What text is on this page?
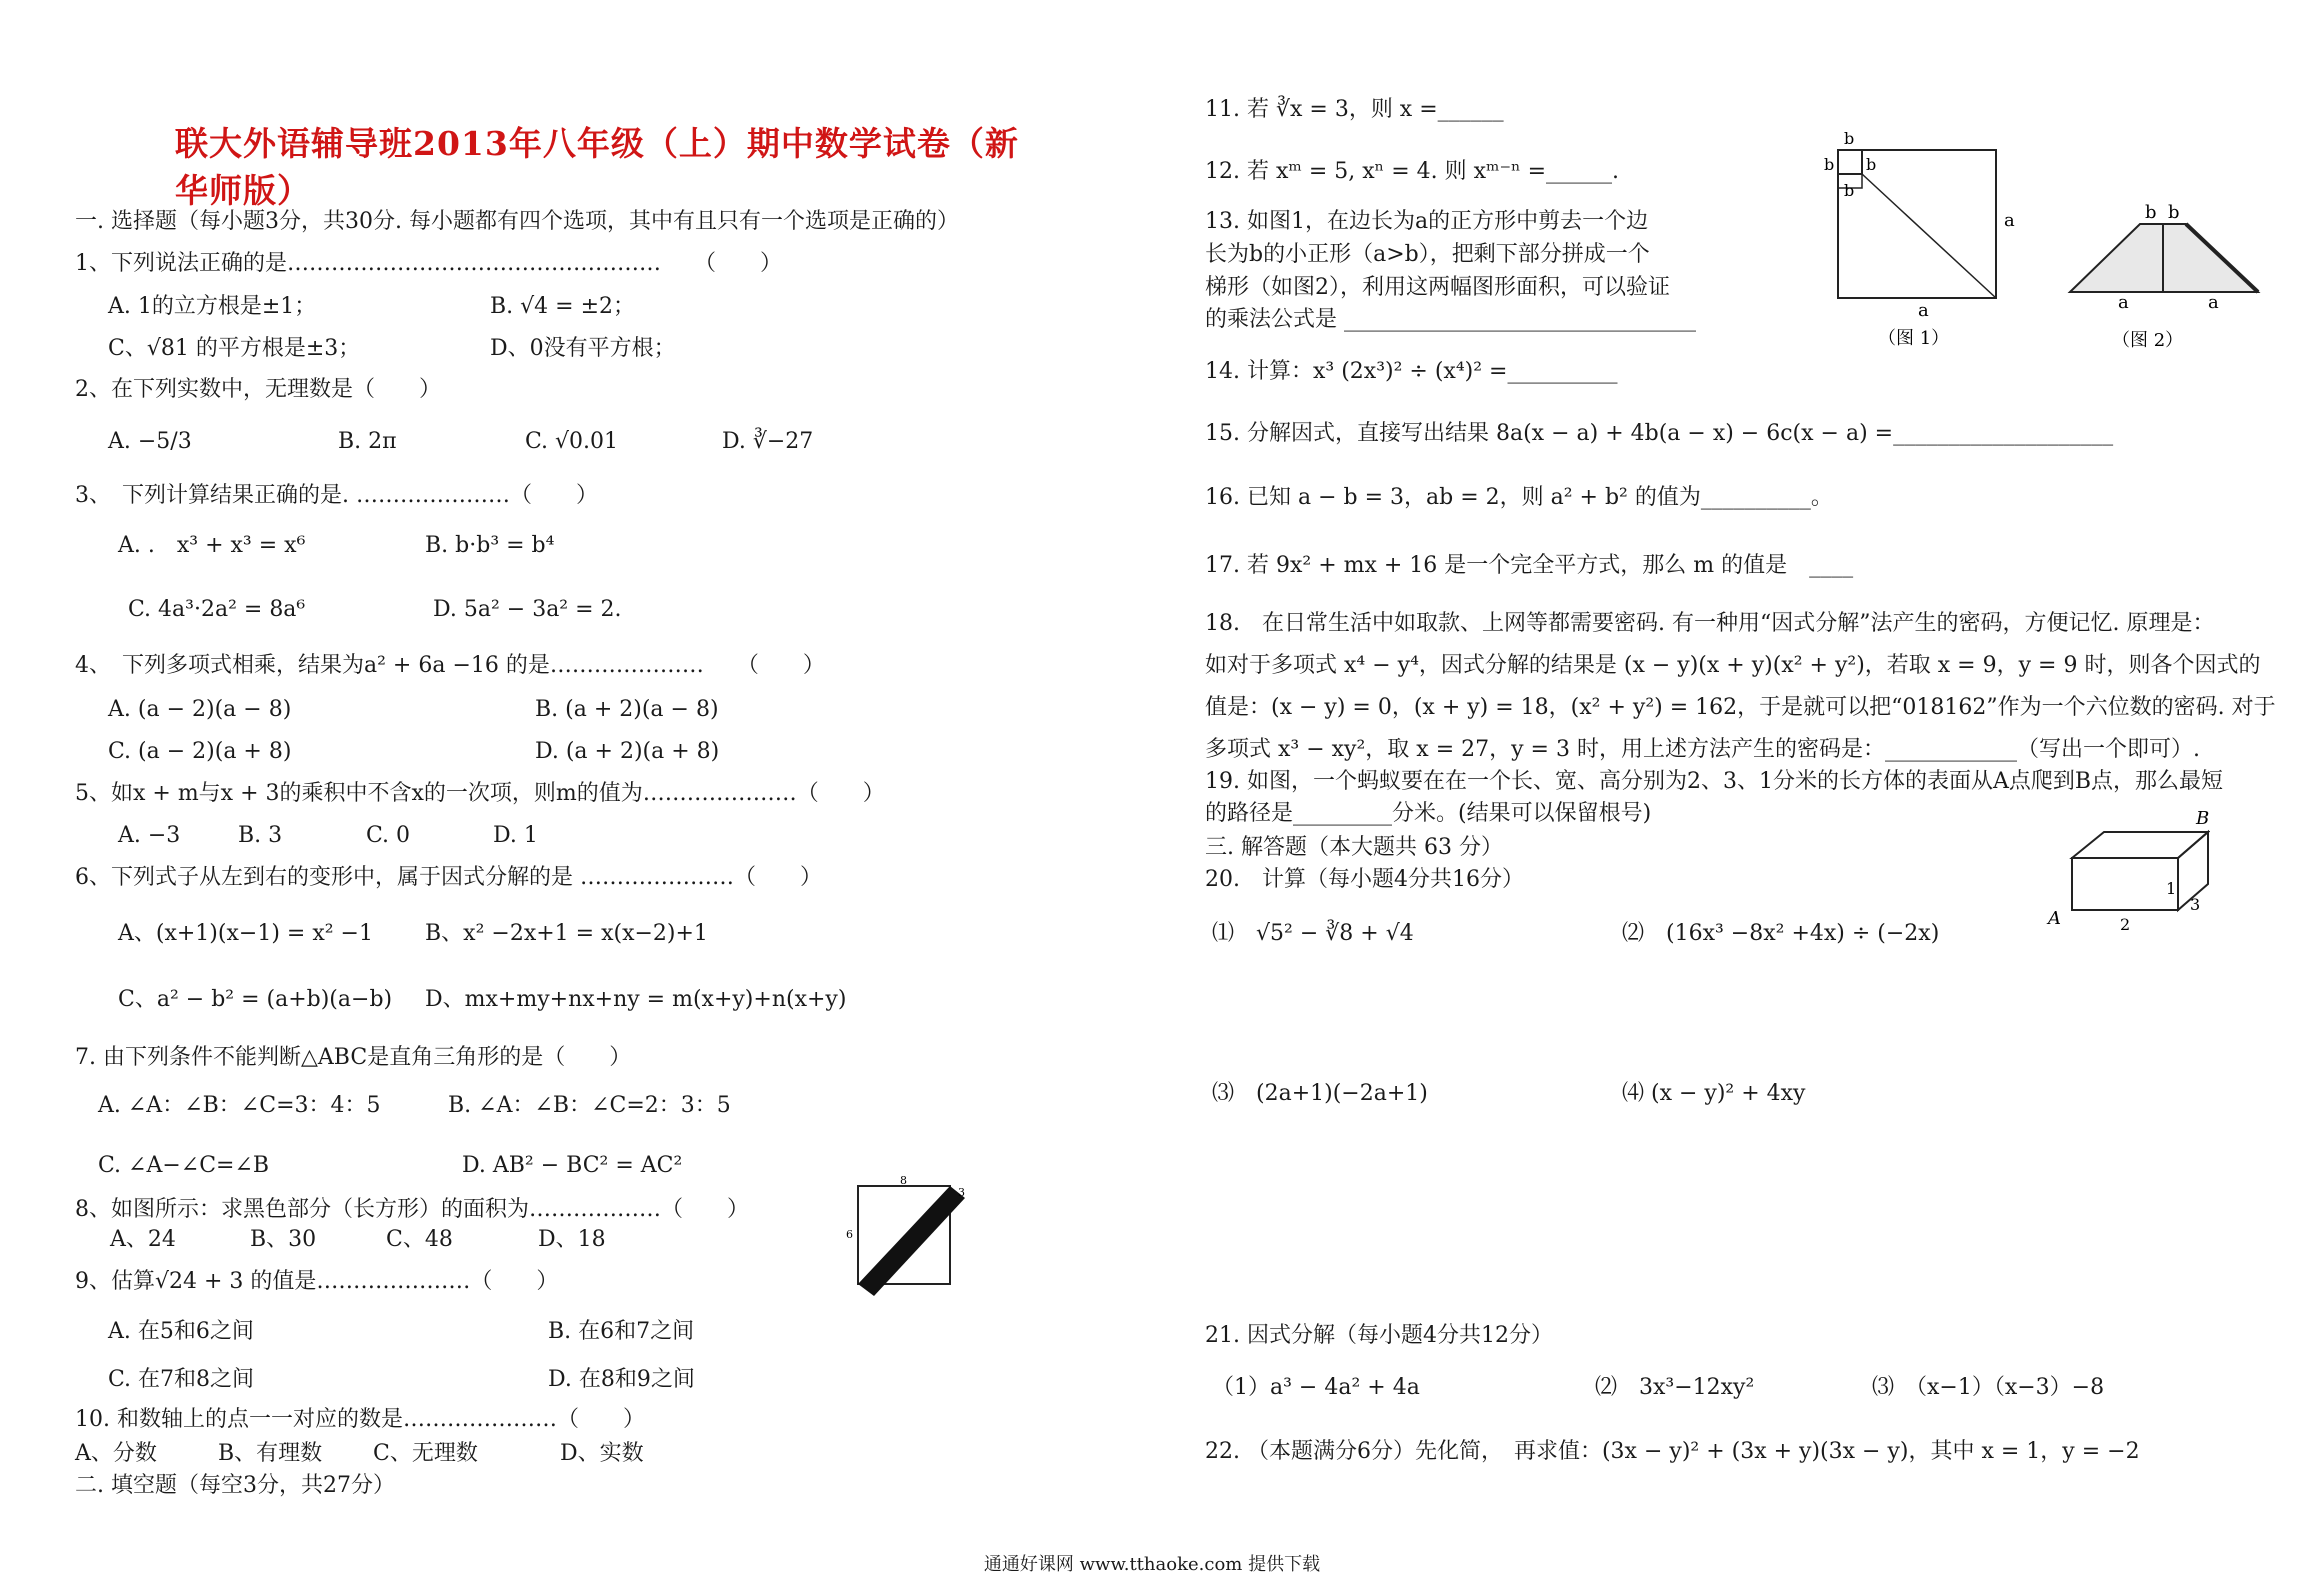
联大外语辅导班2013年八年级（上）期中数学试卷（新华师版）
一. 选择题（每小题3分，共30分. 每小题都有四个选项，其中有且只有一个选项是正确的）
1、下列说法正确的是……………………………………………　　（　　）
A. 1的立方根是±1；	B. √4 = ±2；
C、√81 的平方根是±3；	D、0没有平方根；
2、在下列实数中，无理数是（　　）
A. −5/3	B. 2π	C. √0.01	D. ∛−27
3、　下列计算结果正确的是. …………………（　　）
A. .　x³ + x³ = x⁶	B. b·b³ = b⁴
C. 4a³·2a² = 8a⁶	D. 5a² − 3a² = 2.
4、　下列多项式相乘，结果为a² + 6a −16 的是…………………　　（　　）
A. (a − 2)(a − 8)	B. (a + 2)(a − 8)
C. (a − 2)(a + 8)	D. (a + 2)(a + 8)
5、如x + m与x + 3的乘积中不含x的一次项，则m的值为…………………（　　）
A. −3	B. 3	C. 0	D. 1
6、下列式子从左到右的变形中，属于因式分解的是 …………………（　　）
A、(x+1)(x−1) = x² −1 B、x² −2x+1 = x(x−2)+1
C、a² − b² = (a+b)(a−b) D、mx+my+nx+ny = m(x+y)+n(x+y)
7. 由下列条件不能判断△ABC是直角三角形的是（　　）
A. ∠A：∠B：∠C=3：4：5	B. ∠A：∠B：∠C=2：3：5
C. ∠A−∠C=∠B	D. AB² − BC² = AC²
8、如图所示：求黑色部分（长方形）的面积为………………（　　）
A、24	B、30	C、48	D、18
9、估算√24 + 3 的值是…………………（　　）
A. 在5和6之间	B. 在6和7之间
C. 在7和8之间	D. 在8和9之间
10. 和数轴上的点一一对应的数是…………………（　　）
A、分数	B、有理数 C、无理数	D、实数
二. 填空题（每空3分，共27分）
8
6
3
11. 若 ∛x = 3，则 x =______
12. 若 xᵐ = 5, xⁿ = 4. 则 xᵐ⁻ⁿ =______.
13. 如图1，在边长为a的正方形中剪去一个边
长为b的小正形（a>b），把剩下部分拼成一个
梯形（如图2），利用这两幅图形面积，可以验证
的乘法公式是 ________________________________
14. 计算：x³ (2x³)² ÷ (x⁴)² =__________
15. 分解因式，直接写出结果 8a(x − a) + 4b(a − x) − 6c(x − a) =____________________
16. 已知 a − b = 3，ab = 2，则 a² + b² 的值为__________。
17. 若 9x² + mx + 16 是一个完全平方式，那么 m 的值是　____
18.　在日常生活中如取款、上网等都需要密码. 有一种用“因式分解”法产生的密码，方便记忆. 原理是：
如对于多项式 x⁴ − y⁴，因式分解的结果是 (x − y)(x + y)(x² + y²)，若取 x = 9，y = 9 时，则各个因式的
值是：(x − y) = 0，(x + y) = 18，(x² + y²) = 162，于是就可以把“018162”作为一个六位数的密码. 对于
多项式 x³ − xy²，取 x = 27，y = 3 时，用上述方法产生的密码是：____________（写出一个即可）.
19. 如图，一个蚂蚁要在在一个长、宽、高分别为2、3、1分米的长方体的表面从A点爬到B点，那么最短
的路径是_________分米。(结果可以保留根号)
三. 解答题（本大题共 63 分）
20.　计算（每小题4分共16分）
⑴　√5² − ∛8 + √4	⑵　(16x³ −8x² +4x) ÷ (−2x)
⑶　(2a+1)(−2a+1)	⑷ (x − y)² + 4xy
21. 因式分解（每小题4分共12分）
（1）a³ − 4a² + 4a	⑵　3x³−12xy²	⑶　（x−1）（x−3）−8
22. （本题满分6分）先化简，　再求值：(3x − y)² + (3x + y)(3x − y)，其中 x = 1，y = −2
b
b b
b
a
a
（图 1）
b b
a	a
（图 2）
B
A
1
2
3
通通好课网 www.tthaoke.com 提供下载
